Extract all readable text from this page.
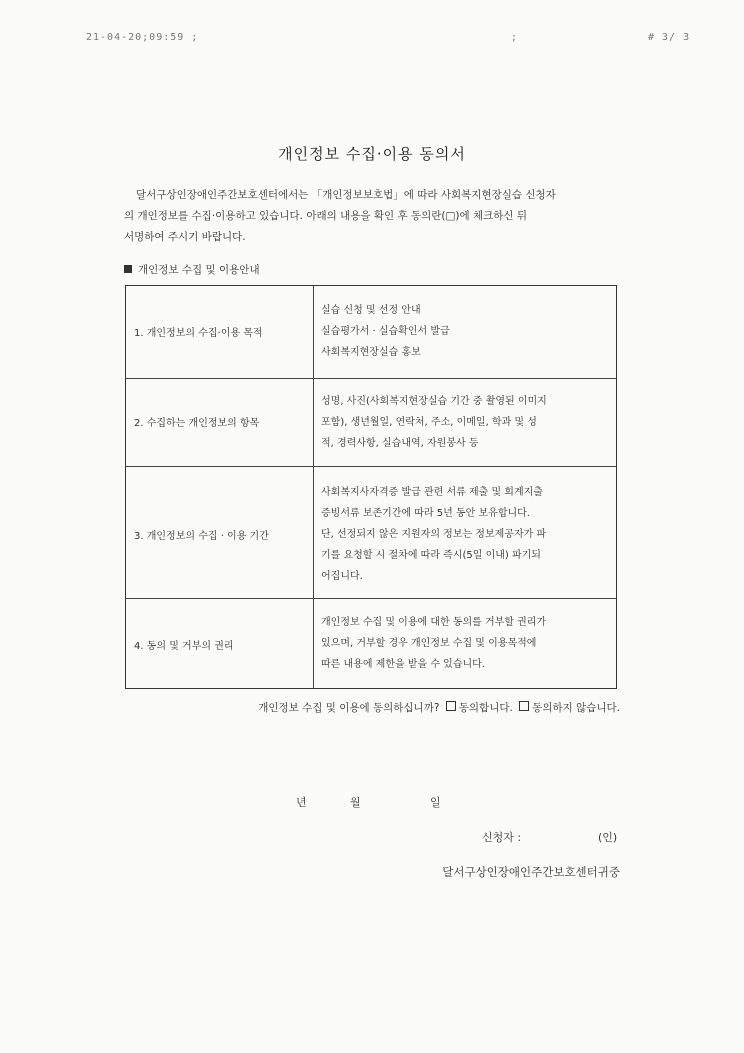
21-04-20;09:59 ;	;	# 3/ 3
개인정보 수집·이용 동의서
달서구상인장애인주간보호센터에서는 「개인정보보호법」에 따라 사회복지현장실습 신청자
의 개인정보를 수집·이용하고 있습니다. 아래의 내용을 확인 후 동의란(□)에 체크하신 뒤
서명하여 주시기 바랍니다.
개인정보 수집 및 이용안내
1. 개인정보의 수집·이용 목적
실습 신청 및 선정 안내
실습평가서 · 실습확인서 발급
사회복지현장실습 홍보
2. 수집하는 개인정보의 항목
성명, 사진(사회복지현장실습 기간 중 촬영된 이미지
포함), 생년월일, 연락처, 주소, 이메일, 학과 및 성
적, 경력사항, 실습내역, 자원봉사 등
3. 개인정보의 수집 · 이용 기간
사회복지사자격증 발급 관련 서류 제출 및 회계지출
증빙서류 보존기간에 따라 5년 동안 보유합니다.
단, 선정되지 않은 지원자의 정보는 정보제공자가 파
기를 요청할 시 절차에 따라 즉시(5일 이내) 파기되
어집니다.
4. 동의 및 거부의 권리
개인정보 수집 및 이용에 대한 동의를 거부할 권리가
있으며, 거부할 경우 개인정보 수집 및 이용목적에
따른 내용에 제한을 받을 수 있습니다.
개인정보 수집 및 이용에 동의하십니까? 동의합니다. 동의하지 않습니다.
년	월	일
신청자 :	(인)
달서구상인장애인주간보호센터귀중
